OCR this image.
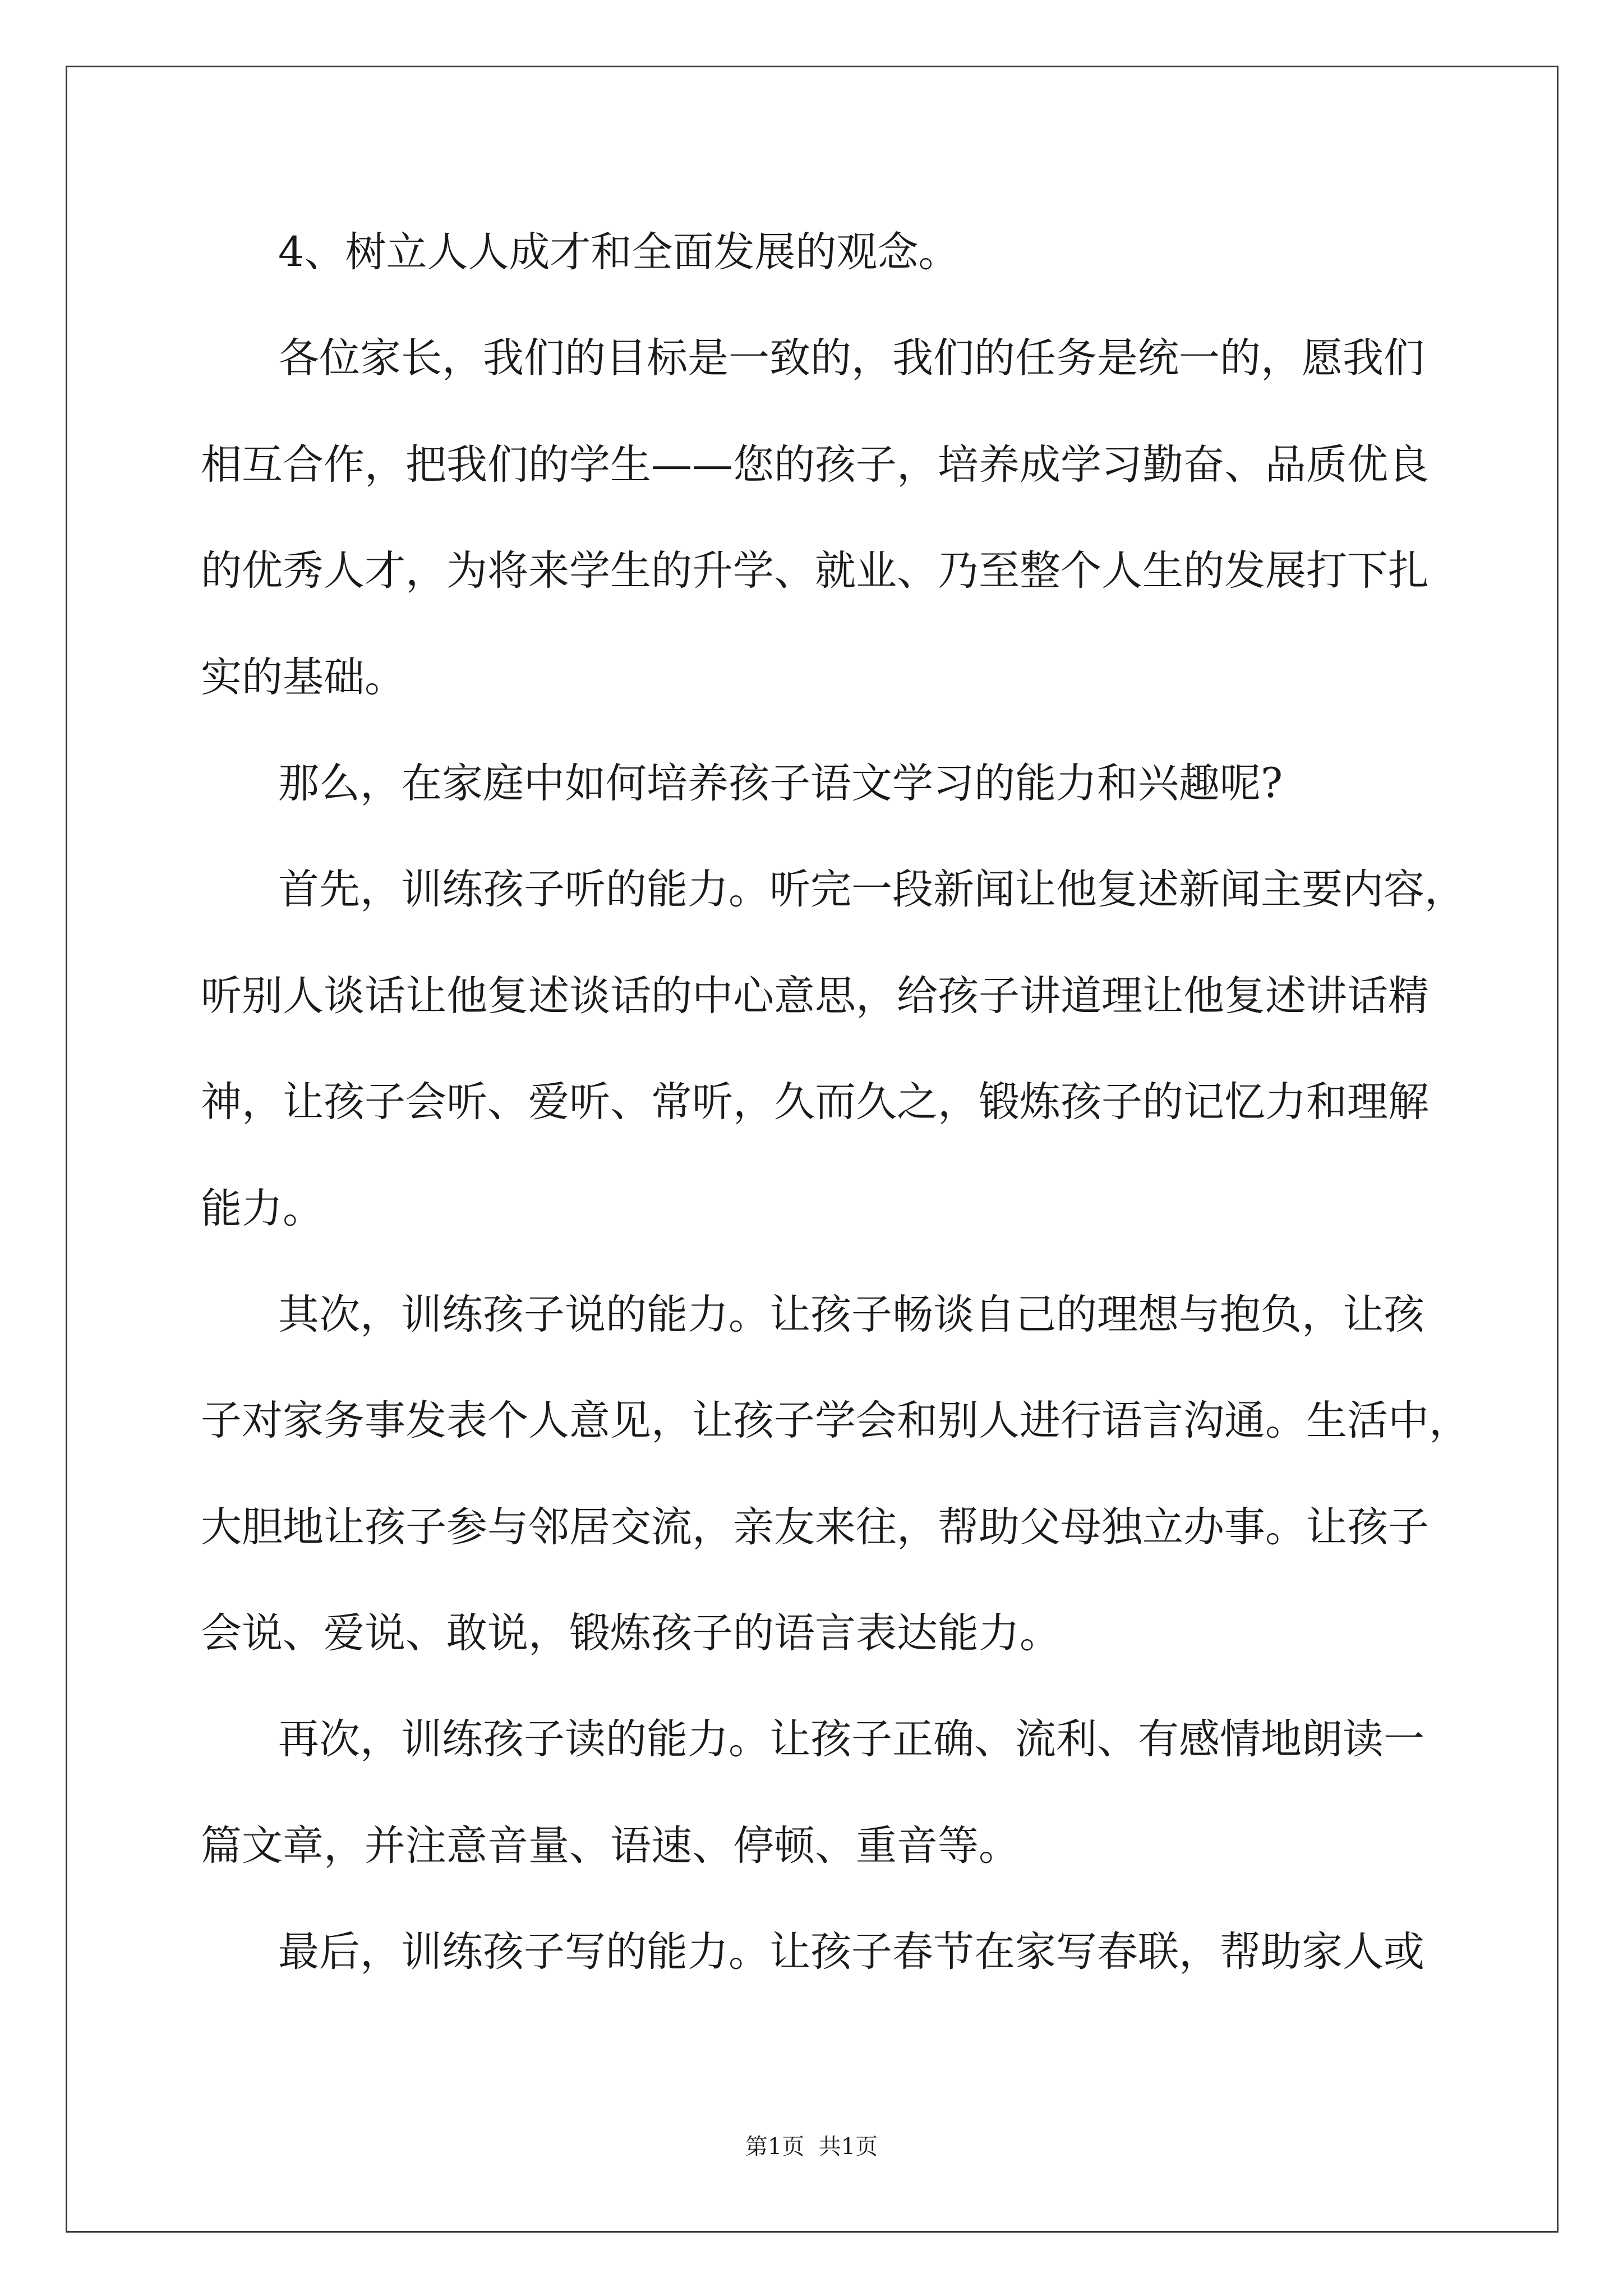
4、树立人人成才和全面发展的观念。
各位家长，我们的目标是一致的，我们的任务是统一的，愿我们
相互合作，把我们的学生——您的孩子，培养成学习勤奋、品质优良
的优秀人才，为将来学生的升学、就业、乃至整个人生的发展打下扎
实的基础。
那么，在家庭中如何培养孩子语文学习的能力和兴趣呢?
首先，训练孩子听的能力。听完一段新闻让他复述新闻主要内容，
听别人谈话让他复述谈话的中心意思，给孩子讲道理让他复述讲话精
神，让孩子会听、爱听、常听，久而久之，锻炼孩子的记忆力和理解
能力。
其次，训练孩子说的能力。让孩子畅谈自己的理想与抱负，让孩
子对家务事发表个人意见，让孩子学会和别人进行语言沟通。生活中，
大胆地让孩子参与邻居交流，亲友来往，帮助父母独立办事。让孩子
会说、爱说、敢说，锻炼孩子的语言表达能力。
再次，训练孩子读的能力。让孩子正确、流利、有感情地朗读一
篇文章，并注意音量、语速、停顿、重音等。
最后，训练孩子写的能力。让孩子春节在家写春联，帮助家人或
第1页  共1页
